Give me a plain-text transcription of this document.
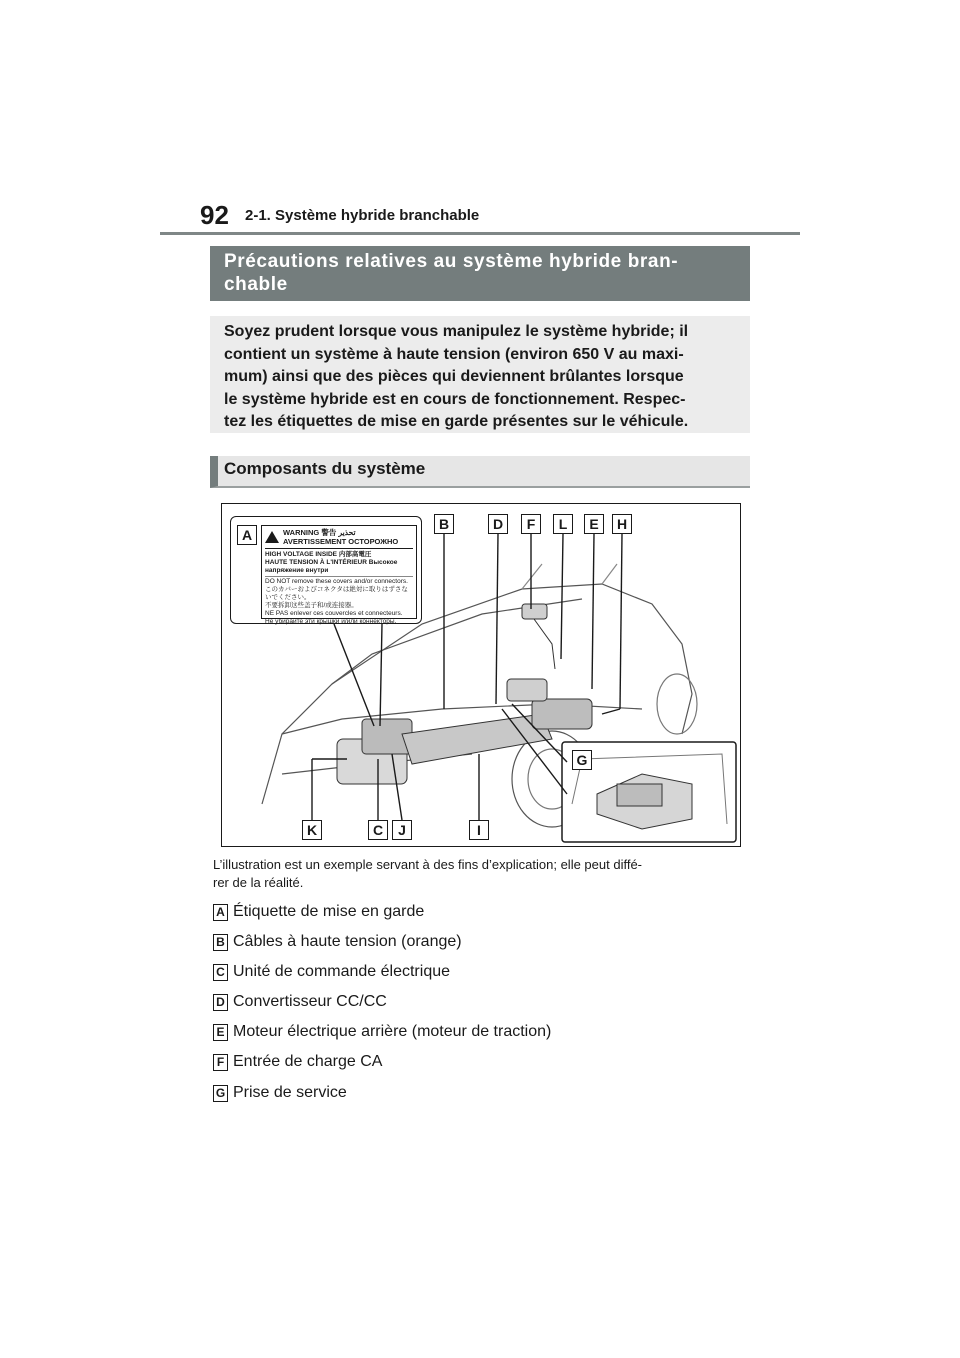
92 2-1. Système hybride branchable
Précautions relatives au système hybride bran-
chable
Soyez prudent lorsque vous manipulez le système hybride; il
contient un système à haute tension (environ 650 V au maxi-
mum) ainsi que des pièces qui deviennent brûlantes lorsque
le système hybride est en cours de fonctionnement. Respec-
tez les étiquettes de mise en garde présentes sur le véhicule.
Composants du système
A	WARNING 警告 تحذير
AVERTISSEMENT ОСТОРОЖНО
HIGH VOLTAGE INSIDE 内部高電圧
HAUTE TENSION À L'INTÉRIEUR Высокое напряжение внутри
DO NOT remove these covers and/or connectors.
このカバーおよびコネクタは絶対に取りはずさないでください。
不要拆卸这些盖子和/或连接器。
NE PAS enlever ces couvercles et connecteurs.
Не убирайте эти крышки и/или коннекторы.
B	D	F	L	E	H
G
K	C	J	I
L’illustration est un exemple servant à des fins d’explication; elle peut diffé-
rer de la réalité.
A Étiquette de mise en garde
B Câbles à haute tension (orange)
C Unité de commande électrique
D Convertisseur CC/CC
E Moteur électrique arrière (moteur de traction)
F Entrée de charge CA
G Prise de service
